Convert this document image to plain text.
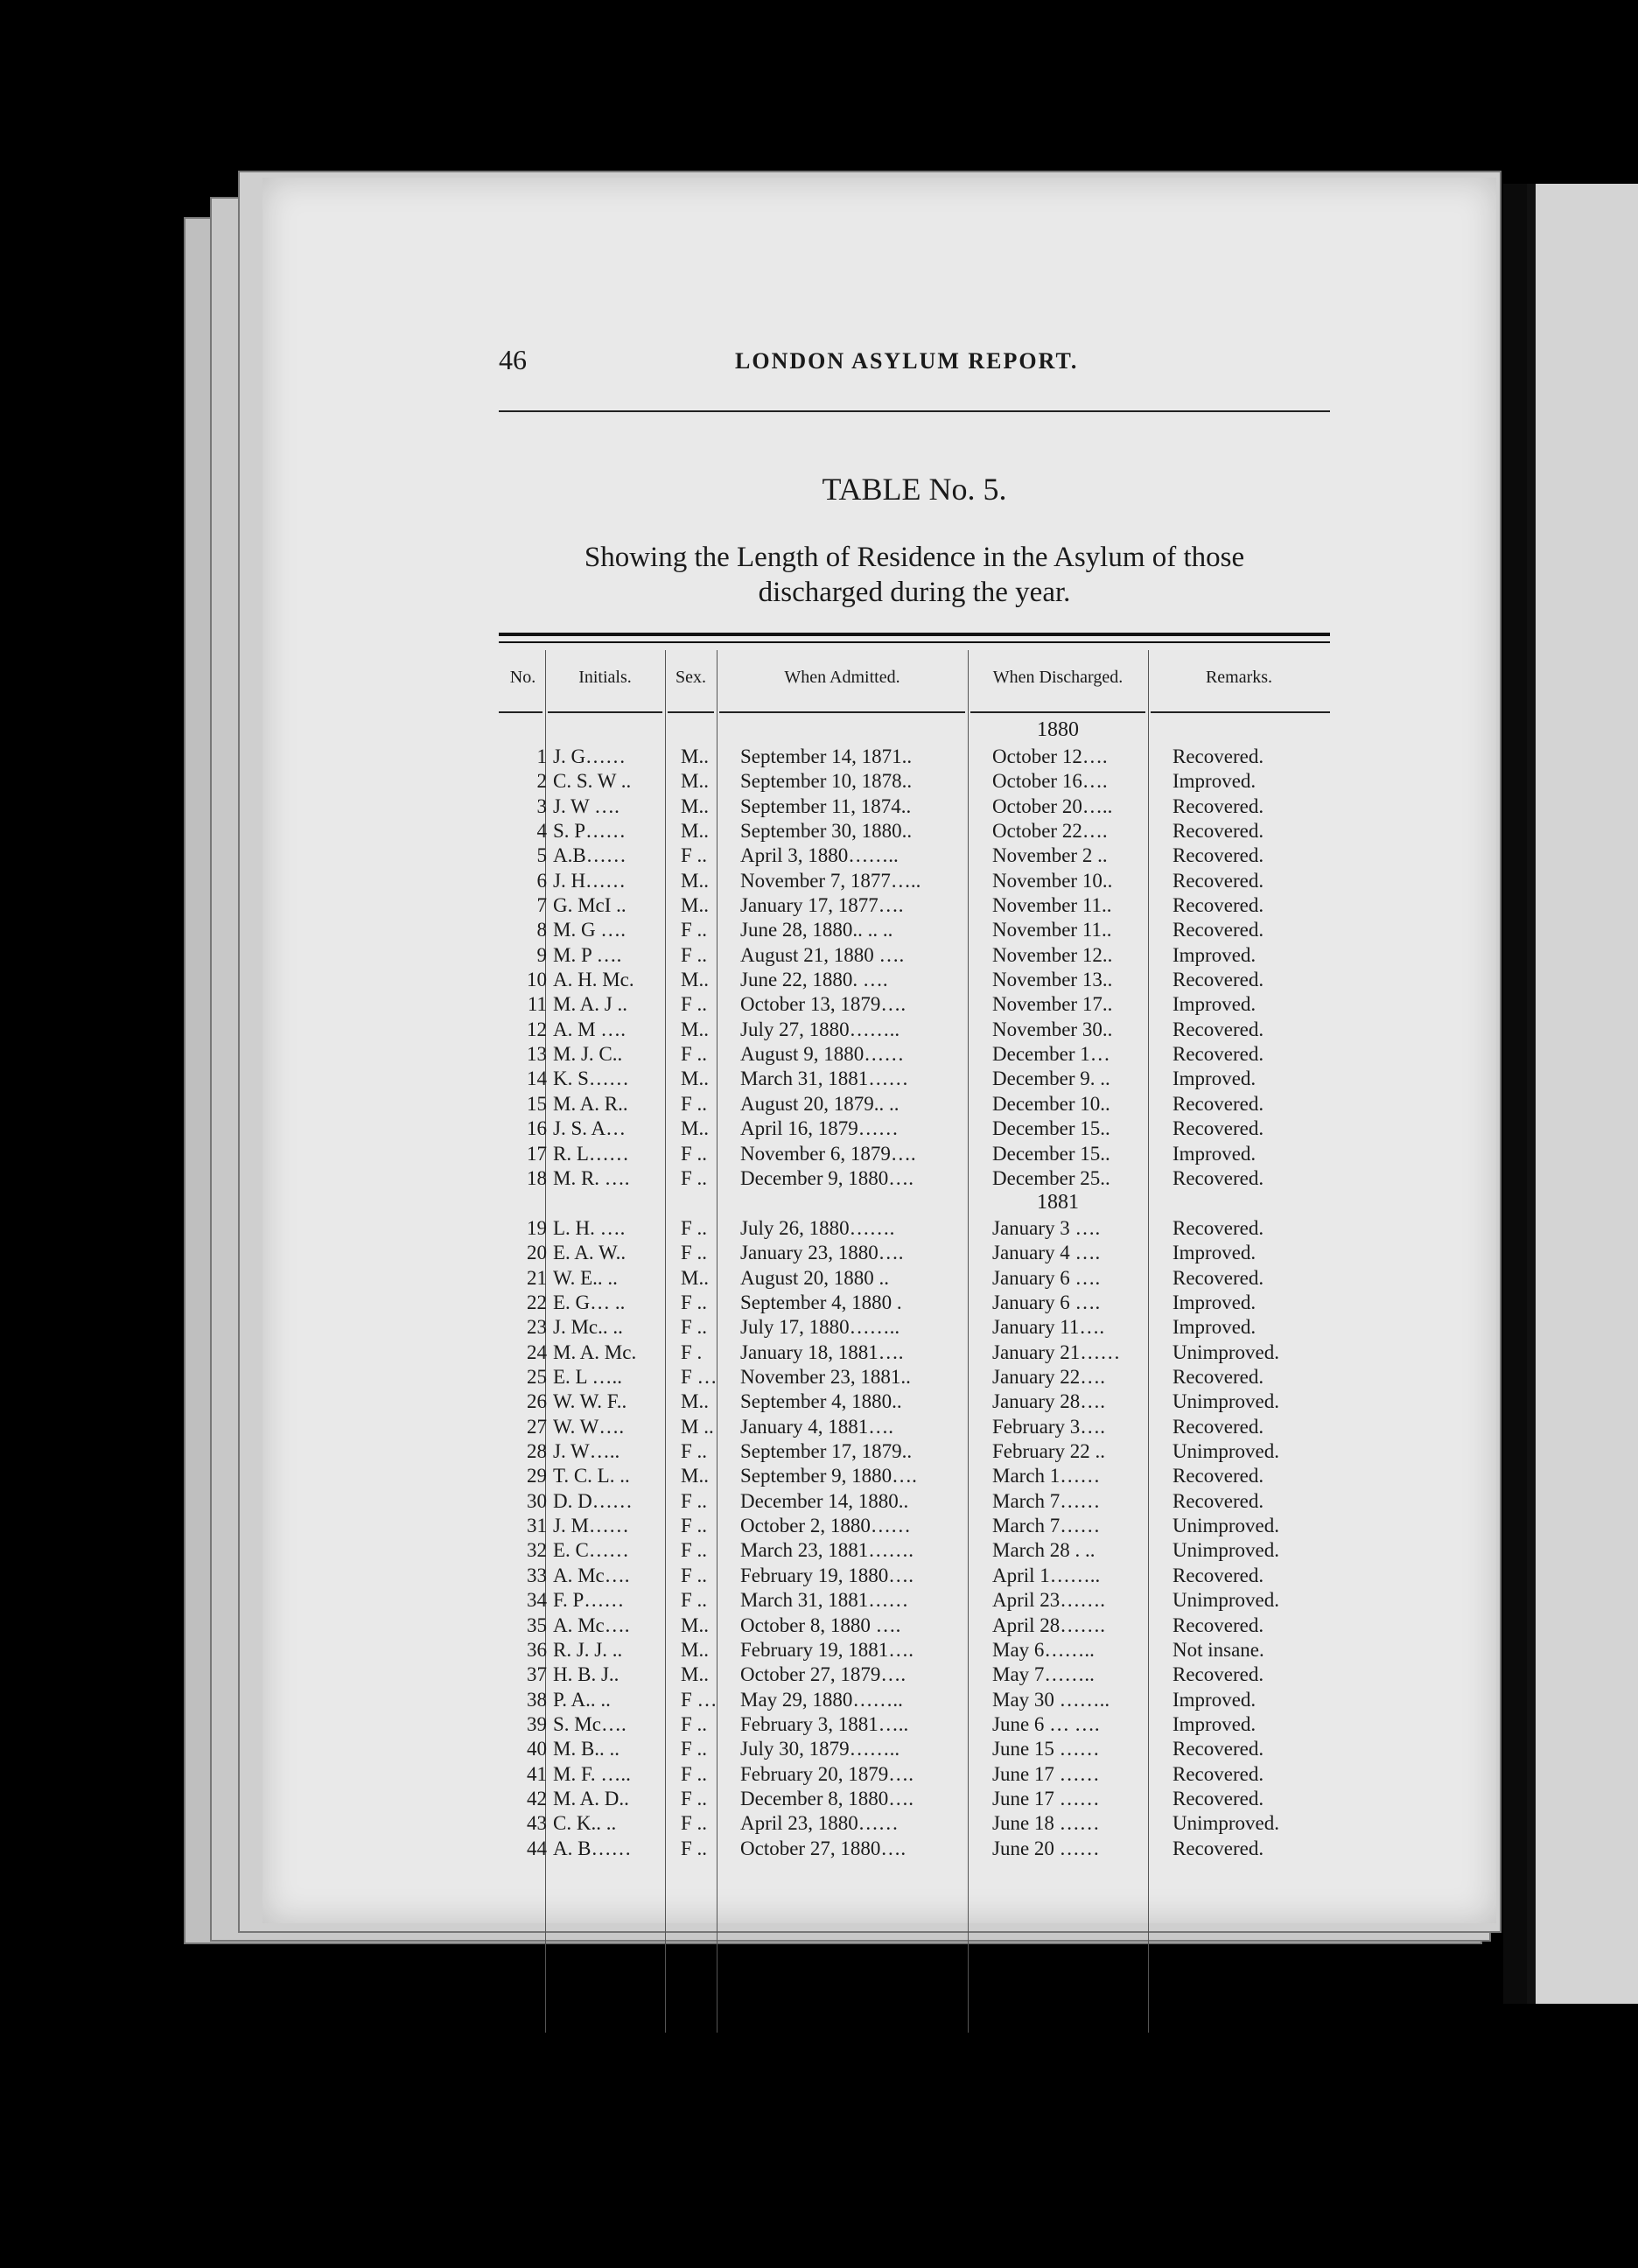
46	LONDON ASYLUM REPORT.
TABLE No. 5.
Showing the Length of Residence in the Asylum of those
discharged during the year.
No.	Initials.	Sex.	When Admitted.	When Discharged.	Remarks.
1880
1 J. G……	M..	September 14, 1871..	October 12….	Recovered.
2 C. S. W ..	M..	September 10, 1878..	October 16….	Improved.
3 J. W ….	M..	September 11, 1874..	October 20…..	Recovered.
4 S. P……	M..	September 30, 1880..	October 22….	Recovered.
5 A.B……	F ..	April 3, 1880……..	November 2 ..	Recovered.
6 J. H……	M..	November 7, 1877…..	November 10..	Recovered.
7 G. McI ..	M..	January 17, 1877….	November 11..	Recovered.
8 M. G ….	F ..	June 28, 1880.. .. ..	November 11..	Recovered.
9 M. P ….	F ..	August 21, 1880 ….	November 12..	Improved.
10 A. H. Mc.	M..	June 22, 1880. ….	November 13..	Recovered.
11 M. A. J ..	F ..	October 13, 1879….	November 17..	Improved.
12 A. M ….	M..	July 27, 1880……..	November 30..	Recovered.
13 M. J. C..	F ..	August 9, 1880……	December 1…	Recovered.
14 K. S……	M..	March 31, 1881……	December 9. ..	Improved.
15 M. A. R..	F ..	August 20, 1879.. ..	December 10..	Recovered.
16 J. S. A…	M..	April 16, 1879……	December 15..	Recovered.
17 R. L……	F ..	November 6, 1879….	December 15..	Improved.
18 M. R. ….	F ..	December 9, 1880….	December 25..	Recovered.
1881
19 L. H. ….	F ..	July 26, 1880…….	January 3 ….	Recovered.
20 E. A. W..	F ..	January 23, 1880….	January 4 ….	Improved.
21 W. E.. ..	M..	August 20, 1880 ..	January 6 ….	Recovered.
22 E. G… ..	F ..	September 4, 1880 .	January 6 ….	Improved.
23 J. Mc.. ..	F ..	July 17, 1880……..	January 11….	Improved.
24 M. A. Mc.	F .	January 18, 1881….	January 21……	Unimproved.
25 E. L …..	F …	November 23, 1881..	January 22….	Recovered.
26 W. W. F..	M..	September 4, 1880..	January 28….	Unimproved.
27 W. W….	M ..	January 4, 1881….	February 3….	Recovered.
28 J. W…..	F ..	September 17, 1879..	February 22 ..	Unimproved.
29 T. C. L. ..	M..	September 9, 1880….	March 1……	Recovered.
30 D. D……	F ..	December 14, 1880..	March 7……	Recovered.
31 J. M……	F ..	October 2, 1880……	March 7……	Unimproved.
32 E. C……	F ..	March 23, 1881…….	March 28 . ..	Unimproved.
33 A. Mc….	F ..	February 19, 1880….	April 1……..	Recovered.
34 F. P……	F ..	March 31, 1881……	April 23…….	Unimproved.
35 A. Mc….	M..	October 8, 1880 ….	April 28…….	Recovered.
36 R. J. J. ..	M..	February 19, 1881….	May 6……..	Not insane.
37 H. B. J..	M..	October 27, 1879….	May 7……..	Recovered.
38 P. A.. ..	F …	May 29, 1880……..	May 30 ……..	Improved.
39 S. Mc….	F ..	February 3, 1881…..	June 6 … ….	Improved.
40 M. B.. ..	F ..	July 30, 1879……..	June 15 ……	Recovered.
41 M. F. …..	F ..	February 20, 1879….	June 17 ……	Recovered.
42 M. A. D..	F ..	December 8, 1880….	June 17 ……	Recovered.
43 C. K.. ..	F ..	April 23, 1880……	June 18 ……	Unimproved.
44 A. B……	F ..	October 27, 1880….	June 20 ……	Recovered.
